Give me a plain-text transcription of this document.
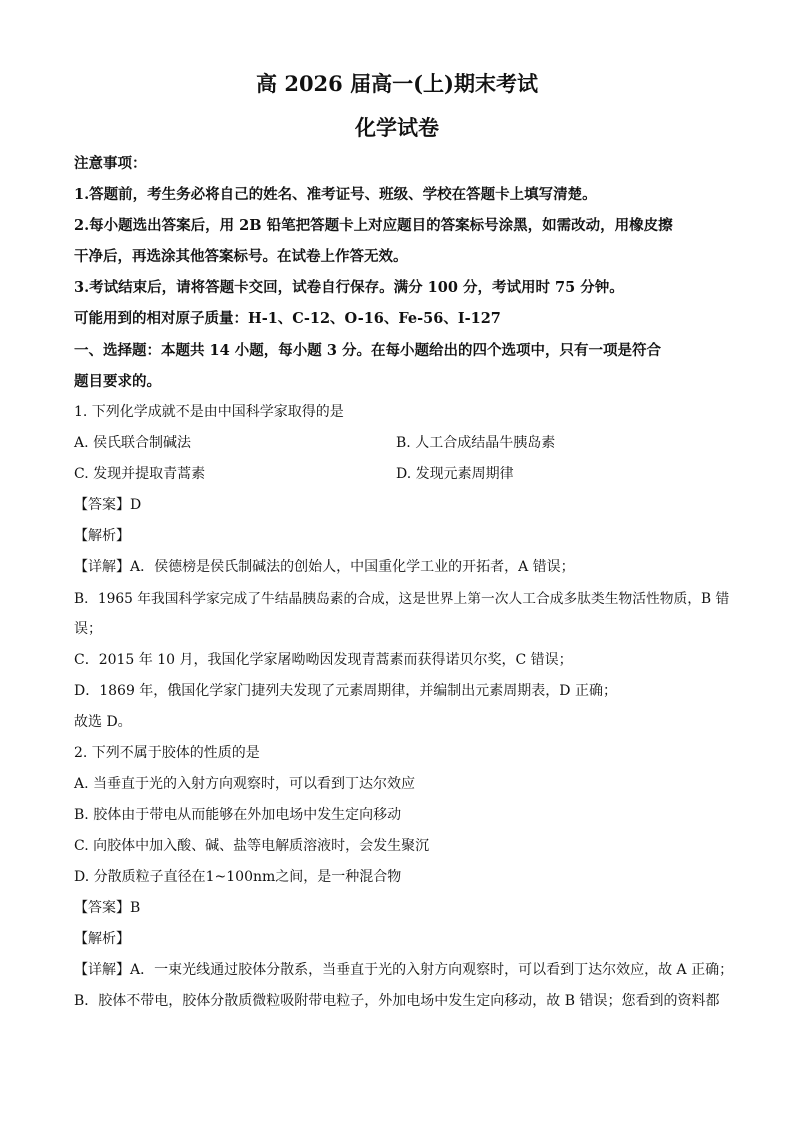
高 2026 届高一(上)期末考试
化学试卷
注意事项：
1.答题前，考生务必将自己的姓名、准考证号、班级、学校在答题卡上填写清楚。
2.每小题选出答案后，用 2B 铅笔把答题卡上对应题目的答案标号涂黑，如需改动，用橡皮擦
干净后，再选涂其他答案标号。在试卷上作答无效。
3.考试结束后，请将答题卡交回，试卷自行保存。满分 100 分，考试用时 75 分钟。
可能用到的相对原子质量：H-1、C-12、O-16、Fe-56、I-127
一、选择题：本题共 14 小题，每小题 3 分。在每小题给出的四个选项中，只有一项是符合
题目要求的。
1. 下列化学成就不是由中国科学家取得的是
A. 侯氏联合制碱法	B. 人工合成结晶牛胰岛素
C. 发现并提取青蒿素	D. 发现元素周期律
【答案】D
【解析】
【详解】A．侯德榜是侯氏制碱法的创始人，中国重化学工业的开拓者，A 错误；
B．1965 年我国科学家完成了牛结晶胰岛素的合成，这是世界上第一次人工合成多肽类生物活性物质，B 错
误；
C．2015 年 10 月，我国化学家屠呦呦因发现青蒿素而获得诺贝尔奖，C 错误；
D．1869 年，俄国化学家门捷列夫发现了元素周期律，并编制出元素周期表，D 正确；
故选 D。
2. 下列不属于胶体的性质的是
A. 当垂直于光的入射方向观察时，可以看到丁达尔效应
B. 胶体由于带电从而能够在外加电场中发生定向移动
C. 向胶体中加入酸、碱、盐等电解质溶液时，会发生聚沉
D. 分散质粒子直径在1~100nm之间，是一种混合物
【答案】B
【解析】
【详解】A．一束光线通过胶体分散系，当垂直于光的入射方向观察时，可以看到丁达尔效应，故 A 正确；
B．胶体不带电，胶体分散质微粒吸附带电粒子，外加电场中发生定向移动，故 B 错误；您看到的资料都
